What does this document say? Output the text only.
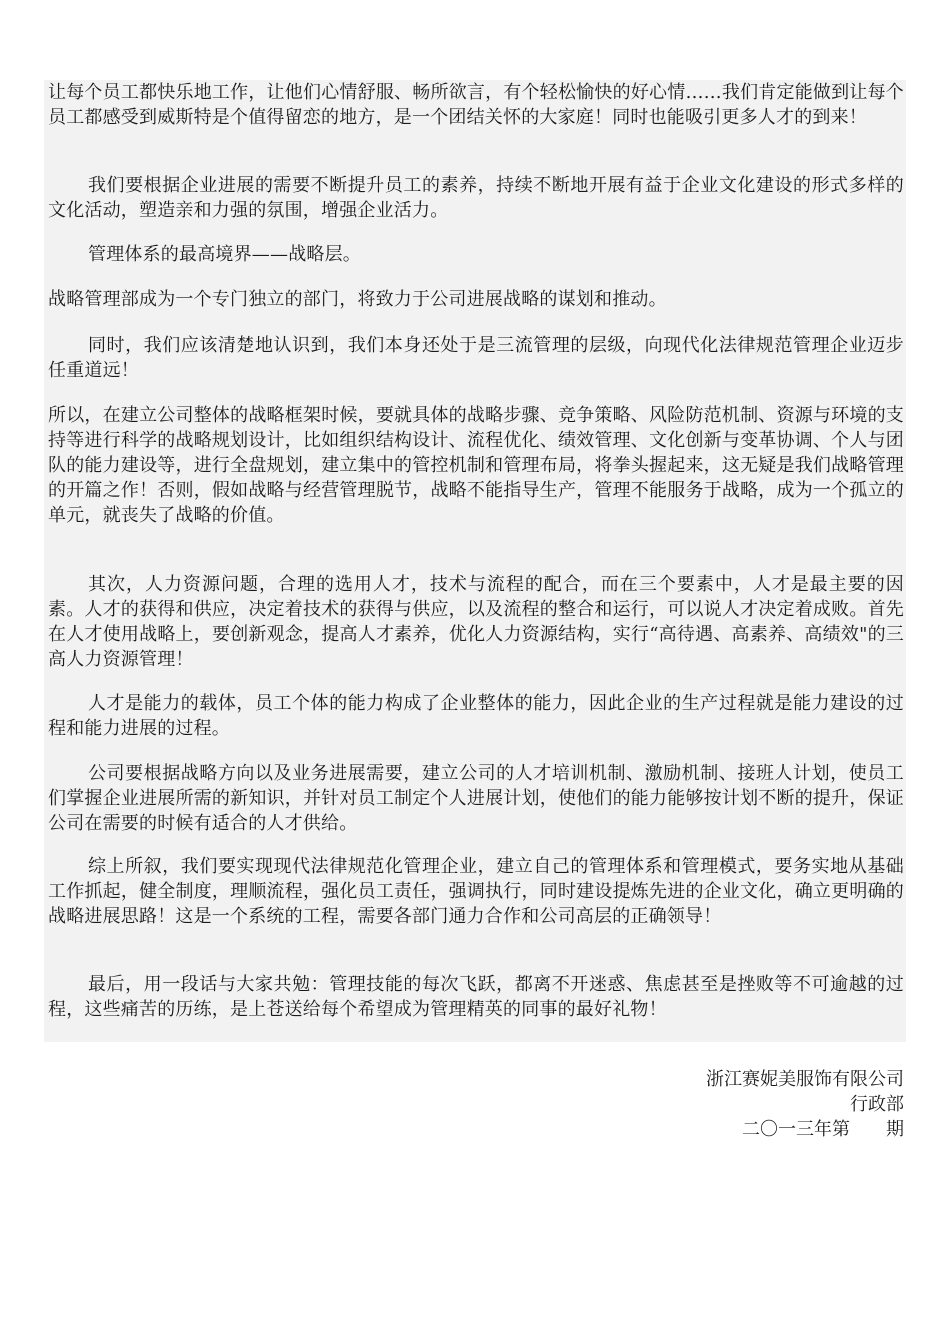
让每个员工都快乐地工作，让他们心情舒服、畅所欲言，有个轻松愉快的好心情……我们肯定能做到让每个员工都感受到威斯特是个值得留恋的地方，是一个团结关怀的大家庭！同时也能吸引更多人才的到来！

我们要根据企业进展的需要不断提升员工的素养，持续不断地开展有益于企业文化建设的形式多样的文化活动，塑造亲和力强的氛围，增强企业活力。

管理体系的最高境界——战略层。

战略管理部成为一个专门独立的部门，将致力于公司进展战略的谋划和推动。

同时，我们应该清楚地认识到，我们本身还处于是三流管理的层级，向现代化法律规范管理企业迈步任重道远！

所以，在建立公司整体的战略框架时候，要就具体的战略步骤、竞争策略、风险防范机制、资源与环境的支持等进行科学的战略规划设计，比如组织结构设计、流程优化、绩效管理、文化创新与变革协调、个人与团队的能力建设等，进行全盘规划，建立集中的管控机制和管理布局，将拳头握起来，这无疑是我们战略管理的开篇之作！否则，假如战略与经营管理脱节，战略不能指导生产，管理不能服务于战略，成为一个孤立的单元，就丧失了战略的价值。

其次，人力资源问题，合理的选用人才，技术与流程的配合，而在三个要素中，人才是最主要的因素。人才的获得和供应，决定着技术的获得与供应，以及流程的整合和运行，可以说人才决定着成败。首先在人才使用战略上，要创新观念，提高人才素养，优化人力资源结构，实行“高待遇、高素养、高绩效"的三高人力资源管理！

人才是能力的载体，员工个体的能力构成了企业整体的能力，因此企业的生产过程就是能力建设的过程和能力进展的过程。

公司要根据战略方向以及业务进展需要，建立公司的人才培训机制、激励机制、接班人计划，使员工们掌握企业进展所需的新知识，并针对员工制定个人进展计划，使他们的能力能够按计划不断的提升，保证公司在需要的时候有适合的人才供给。

综上所叙，我们要实现现代法律规范化管理企业，建立自己的管理体系和管理模式，要务实地从基础工作抓起，健全制度，理顺流程，强化员工责任，强调执行，同时建设提炼先进的企业文化，确立更明确的战略进展思路！这是一个系统的工程，需要各部门通力合作和公司高层的正确领导！

最后，用一段话与大家共勉：管理技能的每次飞跃，都离不开迷惑、焦虑甚至是挫败等不可逾越的过程，这些痛苦的历练，是上苍送给每个希望成为管理精英的同事的最好礼物！

浙江赛妮美服饰有限公司
行政部
二〇一三年第　　期
